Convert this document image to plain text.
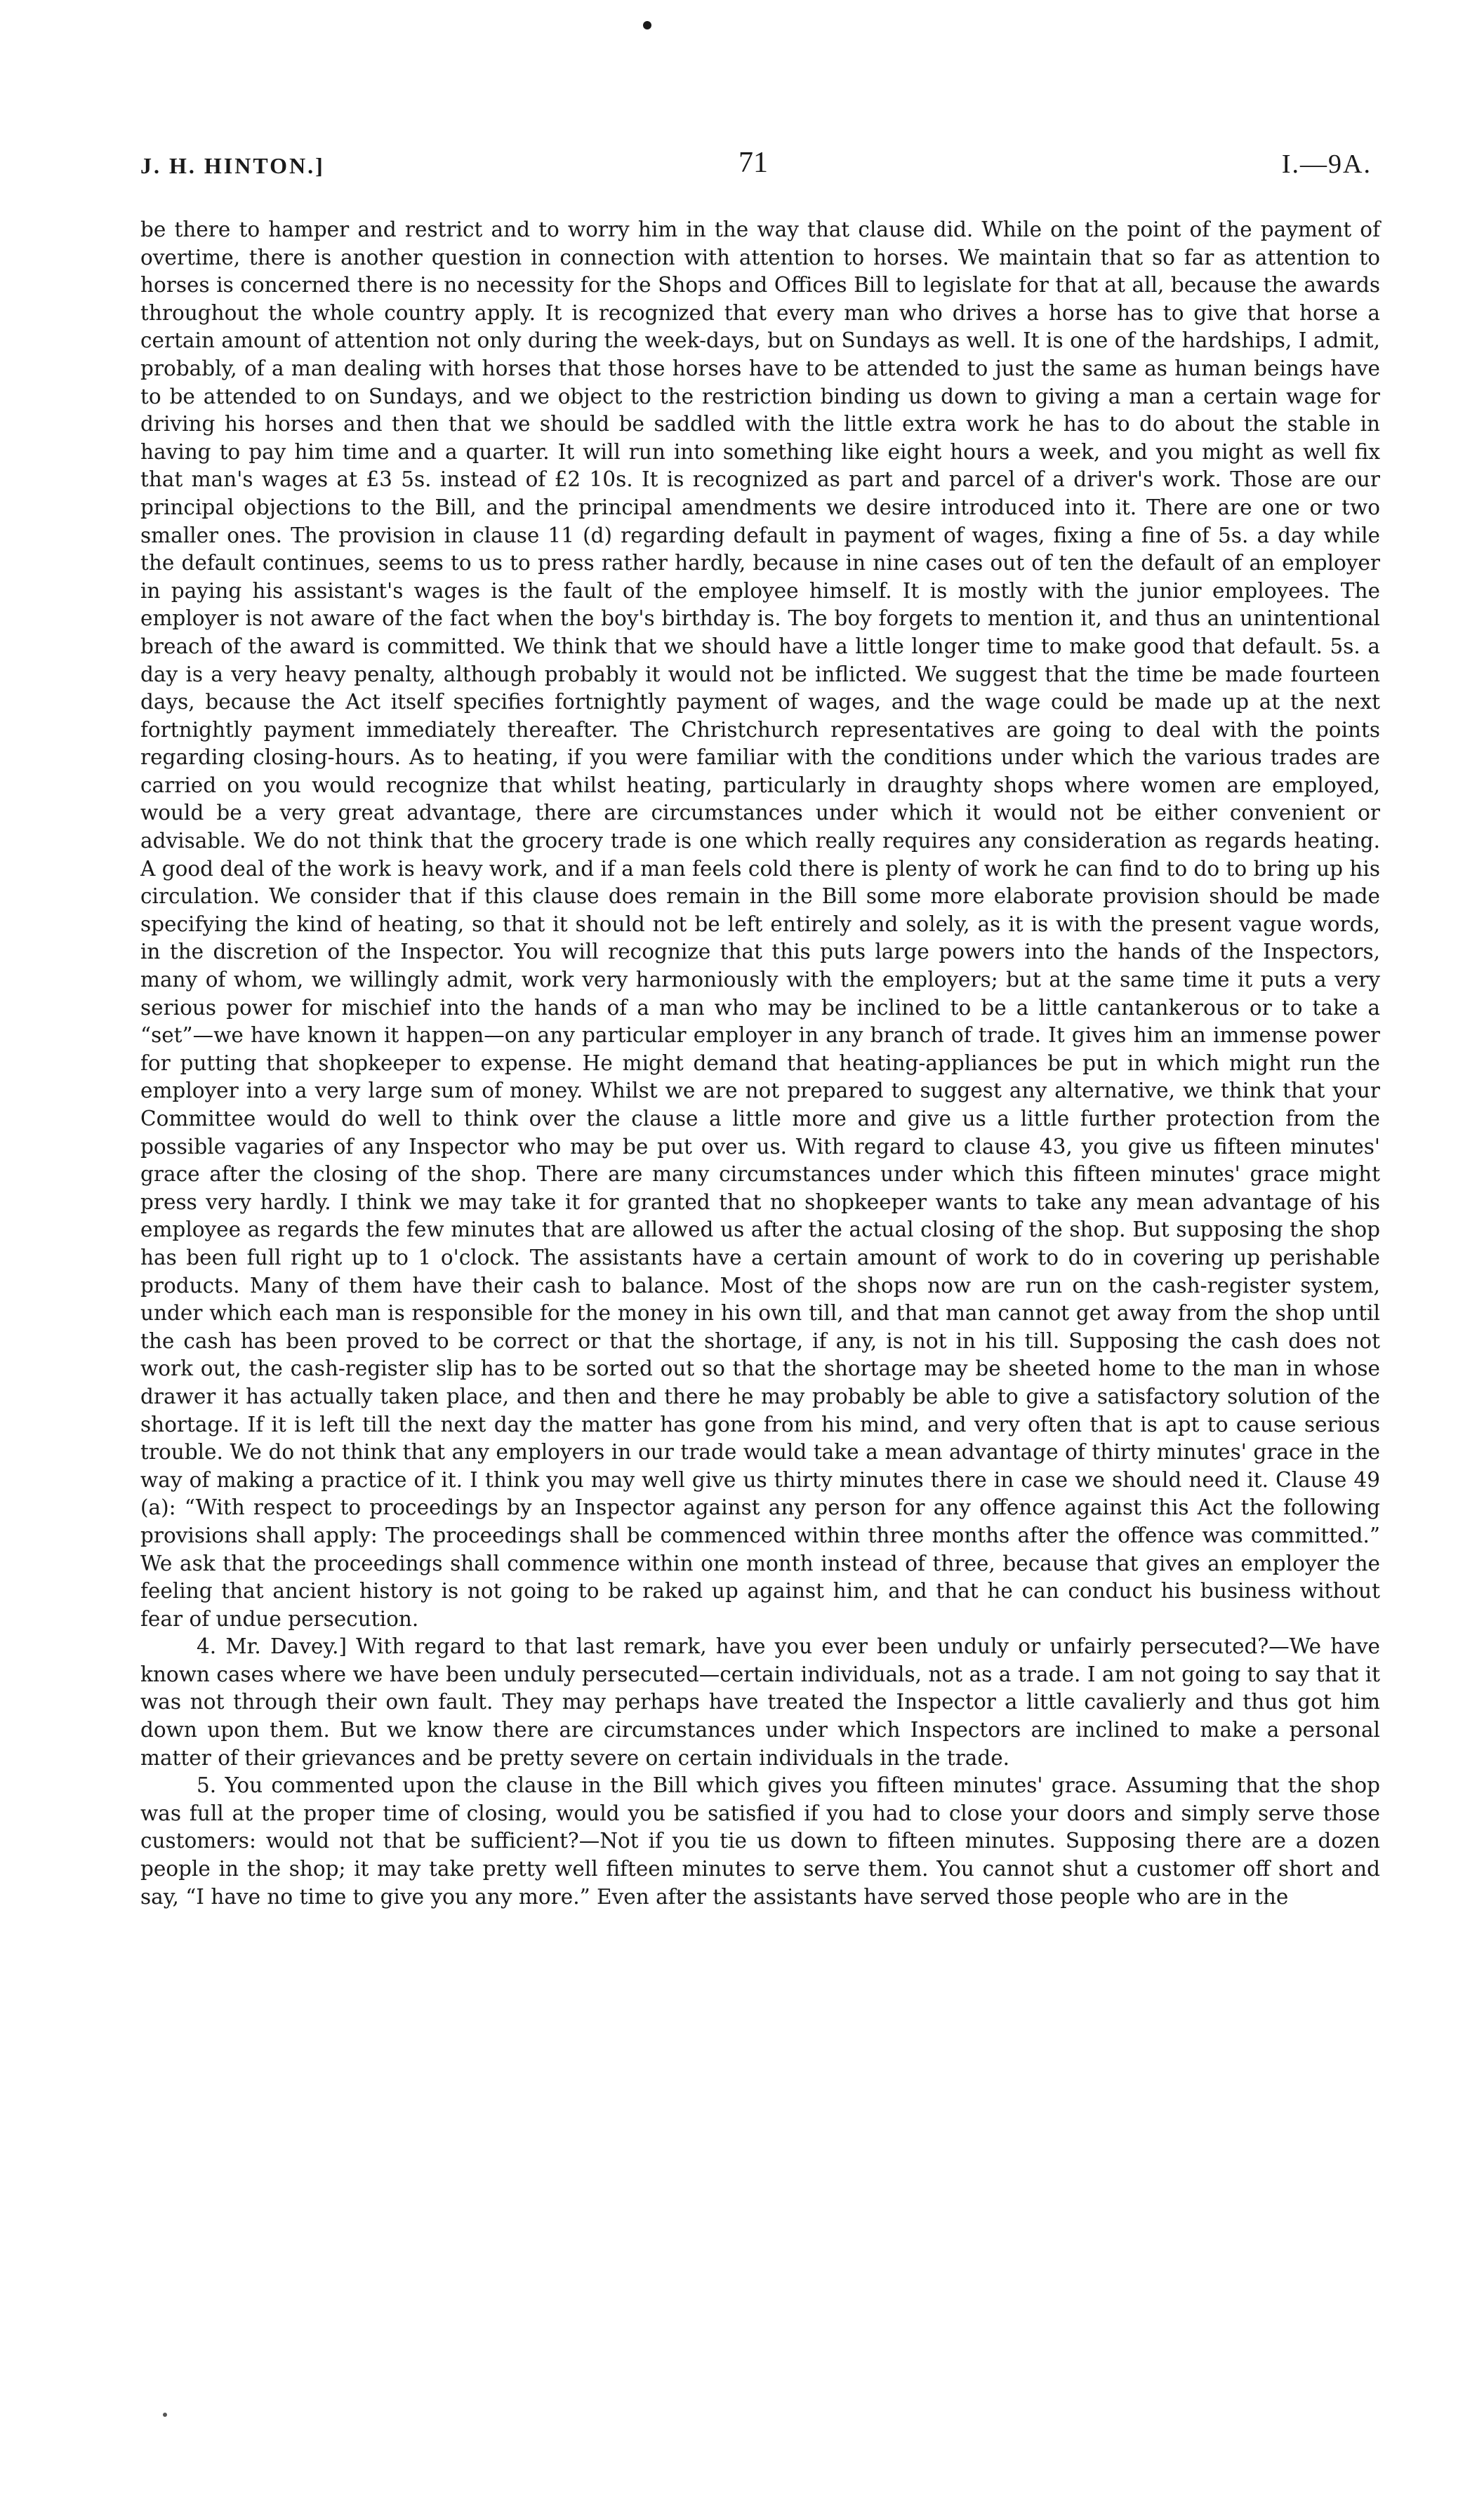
J. H. HINTON.]	71	I.—9A.

be there to hamper and restrict and to worry him in the way that clause did. While on the point of the payment of overtime, there is another question in connection with attention to horses. We maintain that so far as attention to horses is concerned there is no necessity for the Shops and Offices Bill to legislate for that at all, because the awards throughout the whole country apply. It is recognized that every man who drives a horse has to give that horse a certain amount of attention not only during the week-days, but on Sundays as well. It is one of the hardships, I admit, probably, of a man dealing with horses that those horses have to be attended to just the same as human beings have to be attended to on Sundays, and we object to the restriction binding us down to giving a man a certain wage for driving his horses and then that we should be saddled with the little extra work he has to do about the stable in having to pay him time and a quarter. It will run into something like eight hours a week, and you might as well fix that man's wages at £3 5s. instead of £2 10s. It is recognized as part and parcel of a driver's work. Those are our principal objections to the Bill, and the principal amendments we desire introduced into it. There are one or two smaller ones. The provision in clause 11 (d) regarding default in payment of wages, fixing a fine of 5s. a day while the default continues, seems to us to press rather hardly, because in nine cases out of ten the default of an employer in paying his assistant's wages is the fault of the employee himself. It is mostly with the junior employees. The employer is not aware of the fact when the boy's birthday is. The boy forgets to mention it, and thus an unintentional breach of the award is committed. We think that we should have a little longer time to make good that default. 5s. a day is a very heavy penalty, although probably it would not be inflicted. We suggest that the time be made fourteen days, because the Act itself specifies fortnightly payment of wages, and the wage could be made up at the next fortnightly payment immediately thereafter. The Christchurch representatives are going to deal with the points regarding closing-hours. As to heating, if you were familiar with the conditions under which the various trades are carried on you would recognize that whilst heating, particularly in draughty shops where women are employed, would be a very great advantage, there are circumstances under which it would not be either convenient or advisable. We do not think that the grocery trade is one which really requires any consideration as regards heating. A good deal of the work is heavy work, and if a man feels cold there is plenty of work he can find to do to bring up his circulation. We consider that if this clause does remain in the Bill some more elaborate provision should be made specifying the kind of heating, so that it should not be left entirely and solely, as it is with the present vague words, in the discretion of the Inspector. You will recognize that this puts large powers into the hands of the Inspectors, many of whom, we willingly admit, work very harmoniously with the employers; but at the same time it puts a very serious power for mischief into the hands of a man who may be inclined to be a little cantankerous or to take a “set”—we have known it happen—on any particular employer in any branch of trade. It gives him an immense power for putting that shopkeeper to expense. He might demand that heating-appliances be put in which might run the employer into a very large sum of money. Whilst we are not prepared to suggest any alternative, we think that your Committee would do well to think over the clause a little more and give us a little further protection from the possible vagaries of any Inspector who may be put over us. With regard to clause 43, you give us fifteen minutes' grace after the closing of the shop. There are many circumstances under which this fifteen minutes' grace might press very hardly. I think we may take it for granted that no shopkeeper wants to take any mean advantage of his employee as regards the few minutes that are allowed us after the actual closing of the shop. But supposing the shop has been full right up to 1 o'clock. The assistants have a certain amount of work to do in covering up perishable products. Many of them have their cash to balance. Most of the shops now are run on the cash-register system, under which each man is responsible for the money in his own till, and that man cannot get away from the shop until the cash has been proved to be correct or that the shortage, if any, is not in his till. Supposing the cash does not work out, the cash-register slip has to be sorted out so that the shortage may be sheeted home to the man in whose drawer it has actually taken place, and then and there he may probably be able to give a satisfactory solution of the shortage. If it is left till the next day the matter has gone from his mind, and very often that is apt to cause serious trouble. We do not think that any employers in our trade would take a mean advantage of thirty minutes' grace in the way of making a practice of it. I think you may well give us thirty minutes there in case we should need it. Clause 49 (a): “With respect to proceedings by an Inspector against any person for any offence against this Act the following provisions shall apply: The proceedings shall be commenced within three months after the offence was committed.” We ask that the proceedings shall commence within one month instead of three, because that gives an employer the feeling that ancient history is not going to be raked up against him, and that he can conduct his business without fear of undue persecution.

4. Mr. Davey.] With regard to that last remark, have you ever been unduly or unfairly persecuted?—We have known cases where we have been unduly persecuted—certain individuals, not as a trade. I am not going to say that it was not through their own fault. They may perhaps have treated the Inspector a little cavalierly and thus got him down upon them. But we know there are circumstances under which Inspectors are inclined to make a personal matter of their grievances and be pretty severe on certain individuals in the trade.

5. You commented upon the clause in the Bill which gives you fifteen minutes' grace. Assuming that the shop was full at the proper time of closing, would you be satisfied if you had to close your doors and simply serve those customers: would not that be sufficient?—Not if you tie us down to fifteen minutes. Supposing there are a dozen people in the shop; it may take pretty well fifteen minutes to serve them. You cannot shut a customer off short and say, “I have no time to give you any more.” Even after the assistants have served those people who are in the
